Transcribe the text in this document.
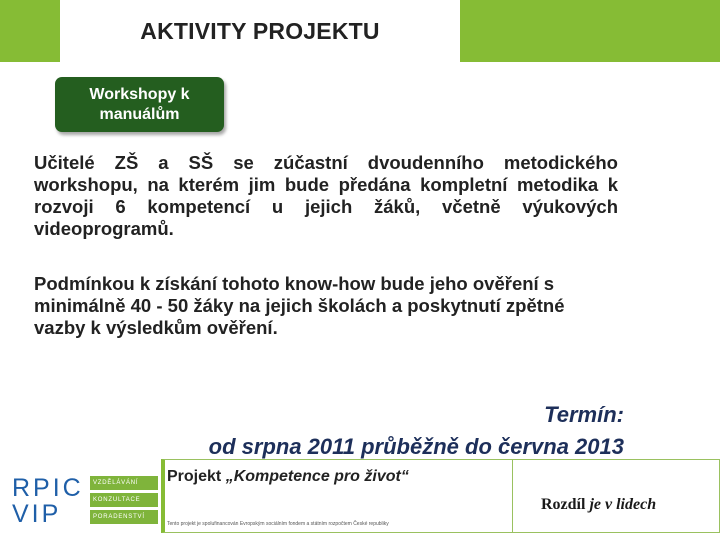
AKTIVITY PROJEKTU
Workshopy k
manuálům
Učitelé ZŠ a SŠ se zúčastní dvoudenního metodického workshopu, na kterém jim bude předána kompletní metodika k rozvoji 6 kompetencí u jejich žáků, včetně výukových videoprogramů.
Podmínkou k získání tohoto know-how bude jeho ověření s minimálně 40 - 50 žáky na jejich školách a poskytnutí zpětné vazby k výsledkům ověření.
Termín:
od srpna 2011 průběžně do června 2013
RPIC
VIP
VZDĚLÁVÁNÍ
KONZULTACE
PORADENSTVÍ
Projekt „Kompetence pro život“
Tento projekt je spolufinancován Evropským sociálním fondem a státním rozpočtem České republiky
Rozdíl je v lidech
